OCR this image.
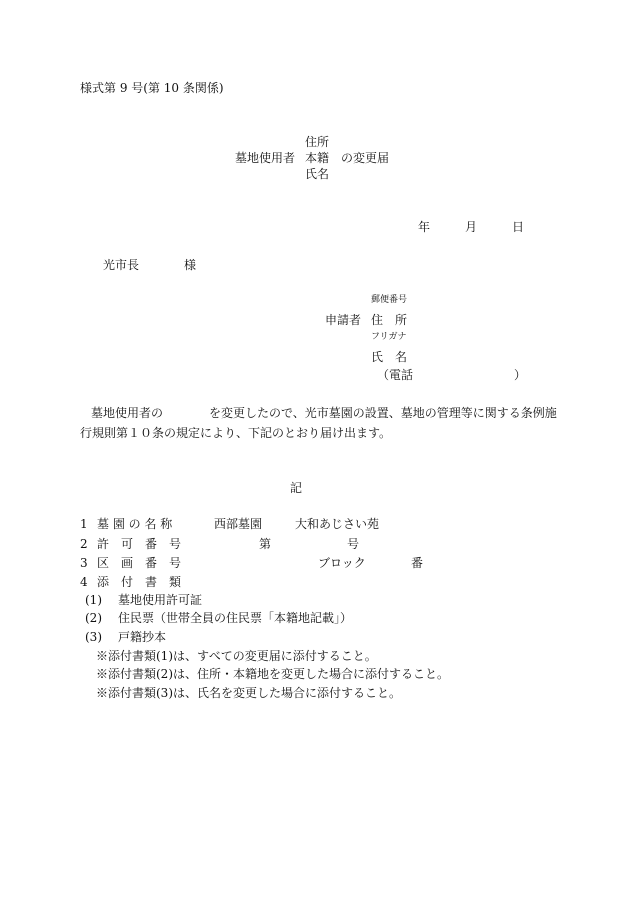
様式第 9 号(第 10 条関係)
住所
墓地使用者 本籍 の変更届
氏名
年	月	日
光市長	様
郵便番号
申請者 住　所
フリガナ
氏　名
（電話	）
墓地使用者の	を変更したので、光市墓園の設置、墓地の管理等に関する条例施
行規則第１０条の規定により、下記のとおり届け出ます。
記
1 墓 園 の 名 称	西部墓園	大和あじさい苑
2 許　可　番　号	第	号
3 区　画　番　号	ブロック	番
4 添　付　書　類
(1) 墓地使用許可証
(2) 住民票（世帯全員の住民票「本籍地記載」）
(3) 戸籍抄本
※添付書類(1)は、すべての変更届に添付すること。
※添付書類(2)は、住所・本籍地を変更した場合に添付すること。
※添付書類(3)は、氏名を変更した場合に添付すること。
